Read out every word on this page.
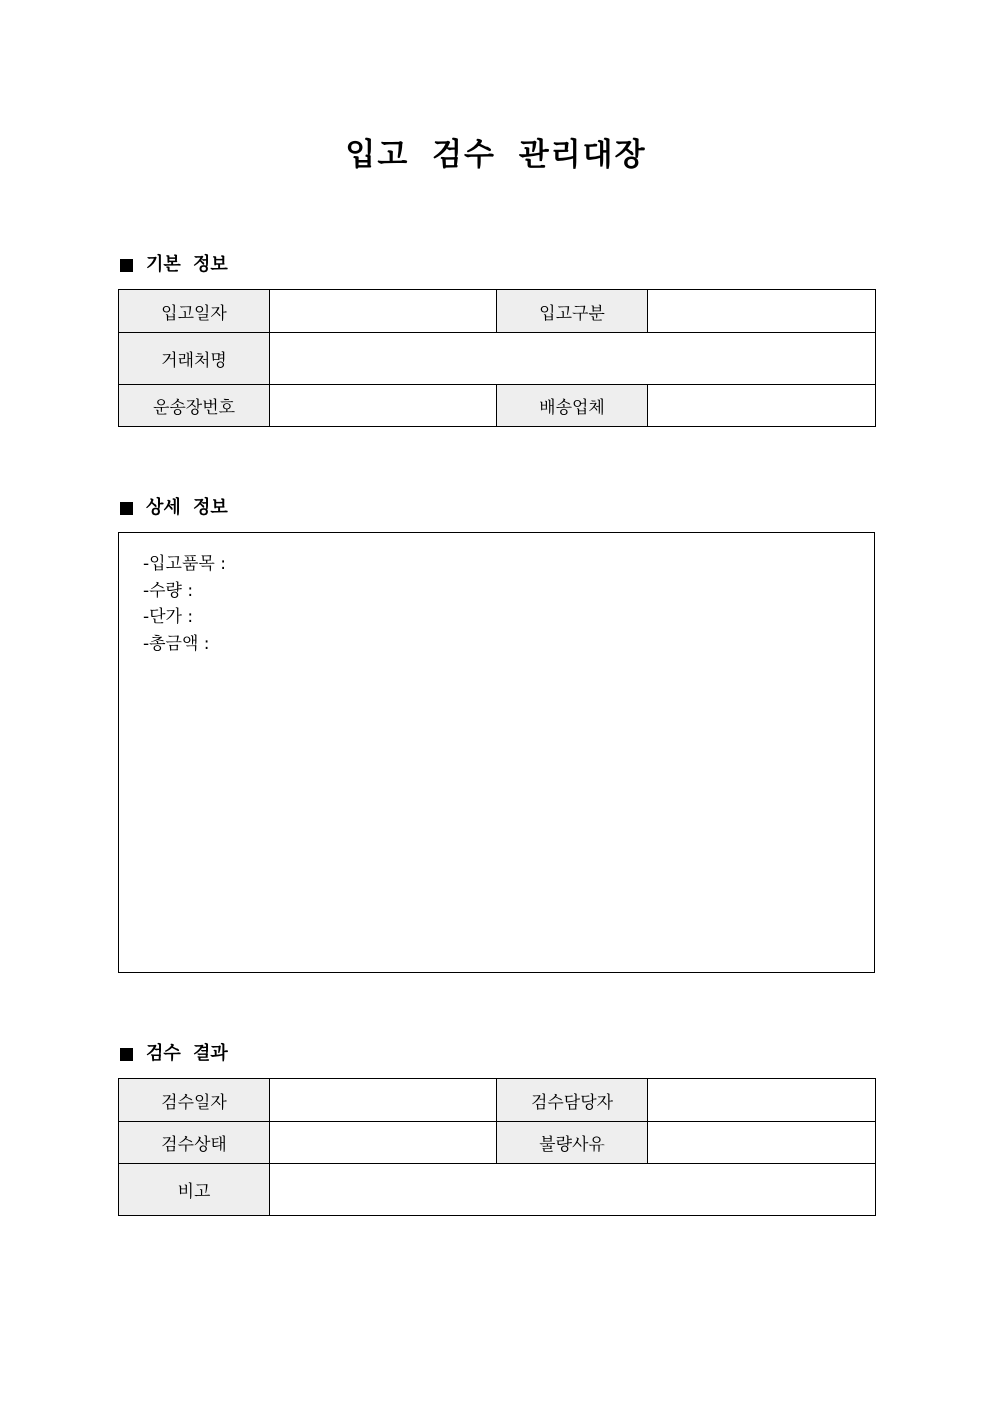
입고 검수 관리대장
기본 정보
입고일자		입고구분	
거래처명			
운송장번호		배송업체	
상세 정보
-입고품목 :
-수량 :
-단가 :
-총금액 :
검수 결과
검수일자		검수담당자	
검수상태		불량사유	
비고			
